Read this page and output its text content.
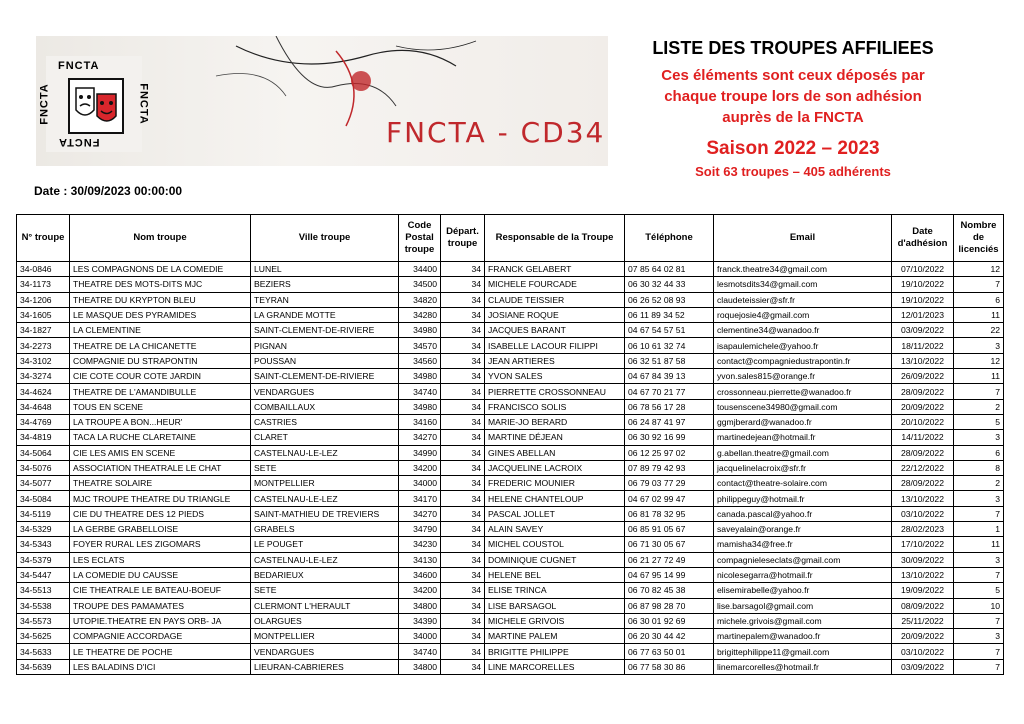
FNCTA
FNCTA	FNCTA
FNCTA	FNCTA - CD34
LISTE DES TROUPES AFFILIEES
Ces éléments sont ceux déposés par
chaque troupe lors de son adhésion
auprès de la FNCTA
Saison 2022 – 2023
Soit 63 troupes – 405 adhérents
Date : 30/09/2023 00:00:00
N° troupe	Nom troupe	Ville troupe	Code Postal troupe	Départ. troupe	Responsable de la Troupe	Téléphone	Email	Date d'adhésion	Nombre de licenciés
34-0846	LES COMPAGNONS DE LA COMEDIE	LUNEL	34400	34	FRANCK GELABERT	07 85 64 02 81	franck.theatre34@gmail.com	07/10/2022	12
34-1173	THEATRE DES MOTS-DITS MJC	BEZIERS	34500	34	MICHELE FOURCADE	06 30 32 44 33	lesmotsdits34@gmail.com	19/10/2022	7
34-1206	THEATRE DU KRYPTON BLEU	TEYRAN	34820	34	CLAUDE TEISSIER	06 26 52 08 93	claudeteissier@sfr.fr	19/10/2022	6
34-1605	LE MASQUE DES PYRAMIDES	LA GRANDE MOTTE	34280	34	JOSIANE ROQUE	06 11 89 34 52	roquejosie4@gmail.com	12/01/2023	11
34-1827	LA CLEMENTINE	SAINT-CLEMENT-DE-RIVIERE	34980	34	JACQUES BARANT	04 67 54 57 51	clementine34@wanadoo.fr	03/09/2022	22
34-2273	THEATRE DE LA CHICANETTE	PIGNAN	34570	34	ISABELLE LACOUR FILIPPI	06 10 61 32 74	isapaulemichele@yahoo.fr	18/11/2022	3
34-3102	COMPAGNIE DU STRAPONTIN	POUSSAN	34560	34	JEAN ARTIERES	06 32 51 87 58	contact@compagniedustrapontin.fr	13/10/2022	12
34-3274	CIE COTE COUR COTE JARDIN	SAINT-CLEMENT-DE-RIVIERE	34980	34	YVON SALES	04 67 84 39 13	yvon.sales815@orange.fr	26/09/2022	11
34-4624	THEATRE DE L'AMANDIBULLE	VENDARGUES	34740	34	PIERRETTE CROSSONNEAU	04 67 70 21 77	crossonneau.pierrette@wanadoo.fr	28/09/2022	7
34-4648	TOUS EN SCENE	COMBAILLAUX	34980	34	FRANCISCO SOLIS	06 78 56 17 28	tousenscene34980@gmail.com	20/09/2022	2
34-4769	LA TROUPE A BON...HEUR'	CASTRIES	34160	34	MARIE-JO BERARD	06 24 87 41 97	ggmjberard@wanadoo.fr	20/10/2022	5
34-4819	TACA LA RUCHE CLARETAINE	CLARET	34270	34	MARTINE DÉJEAN	06 30 92 16 99	martinedejean@hotmail.fr	14/11/2022	3
34-5064	CIE LES AMIS EN SCENE	CASTELNAU-LE-LEZ	34990	34	GINES ABELLAN	06 12 25 97 02	g.abellan.theatre@gmail.com	28/09/2022	6
34-5076	ASSOCIATION THEATRALE LE CHAT	SETE	34200	34	JACQUELINE LACROIX	07 89 79 42 93	jacquelinelacroix@sfr.fr	22/12/2022	8
34-5077	THEATRE SOLAIRE	MONTPELLIER	34000	34	FREDERIC MOUNIER	06 79 03 77 29	contact@theatre-solaire.com	28/09/2022	2
34-5084	MJC TROUPE THEATRE DU TRIANGLE	CASTELNAU-LE-LEZ	34170	34	HELENE CHANTELOUP	04 67 02 99 47	philippeguy@hotmail.fr	13/10/2022	3
34-5119	CIE DU THEATRE DES 12 PIEDS	SAINT-MATHIEU DE TREVIERS	34270	34	PASCAL JOLLET	06 81 78 32 95	canada.pascal@yahoo.fr	03/10/2022	7
34-5329	LA GERBE GRABELLOISE	GRABELS	34790	34	ALAIN SAVEY	06 85 91 05 67	saveyalain@orange.fr	28/02/2023	1
34-5343	FOYER RURAL LES ZIGOMARS	LE POUGET	34230	34	MICHEL COUSTOL	06 71 30 05 67	mamisha34@free.fr	17/10/2022	11
34-5379	LES ECLATS	CASTELNAU-LE-LEZ	34130	34	DOMINIQUE CUGNET	06 21 27 72 49	compagnieleseclats@gmail.com	30/09/2022	3
34-5447	LA COMEDIE DU CAUSSE	BEDARIEUX	34600	34	HELENE BEL	04 67 95 14 99	nicolesegarra@hotmail.fr	13/10/2022	7
34-5513	CIE THEATRALE LE BATEAU-BOEUF	SETE	34200	34	ELISE TRINCA	06 70 82 45 38	elisemirabelle@yahoo.fr	19/09/2022	5
34-5538	TROUPE DES PAMAMATES	CLERMONT L'HERAULT	34800	34	LISE BARSAGOL	06 87 98 28 70	lise.barsagol@gmail.com	08/09/2022	10
34-5573	UTOPIE.THEATRE EN PAYS ORB- JA	OLARGUES	34390	34	MICHELE GRIVOIS	06 30 01 92 69	michele.grivois@gmail.com	25/11/2022	7
34-5625	COMPAGNIE ACCORDAGE	MONTPELLIER	34000	34	MARTINE PALEM	06 20 30 44 42	martinepalem@wanadoo.fr	20/09/2022	3
34-5633	LE THEATRE DE POCHE	VENDARGUES	34740	34	BRIGITTE PHILIPPE	06 77 63 50 01	brigittephilippe11@gmail.com	03/10/2022	7
34-5639	LES BALADINS D'ICI	LIEURAN-CABRIERES	34800	34	LINE MARCORELLES	06 77 58 30 86	linemarcorelles@hotmail.fr	03/09/2022	7
